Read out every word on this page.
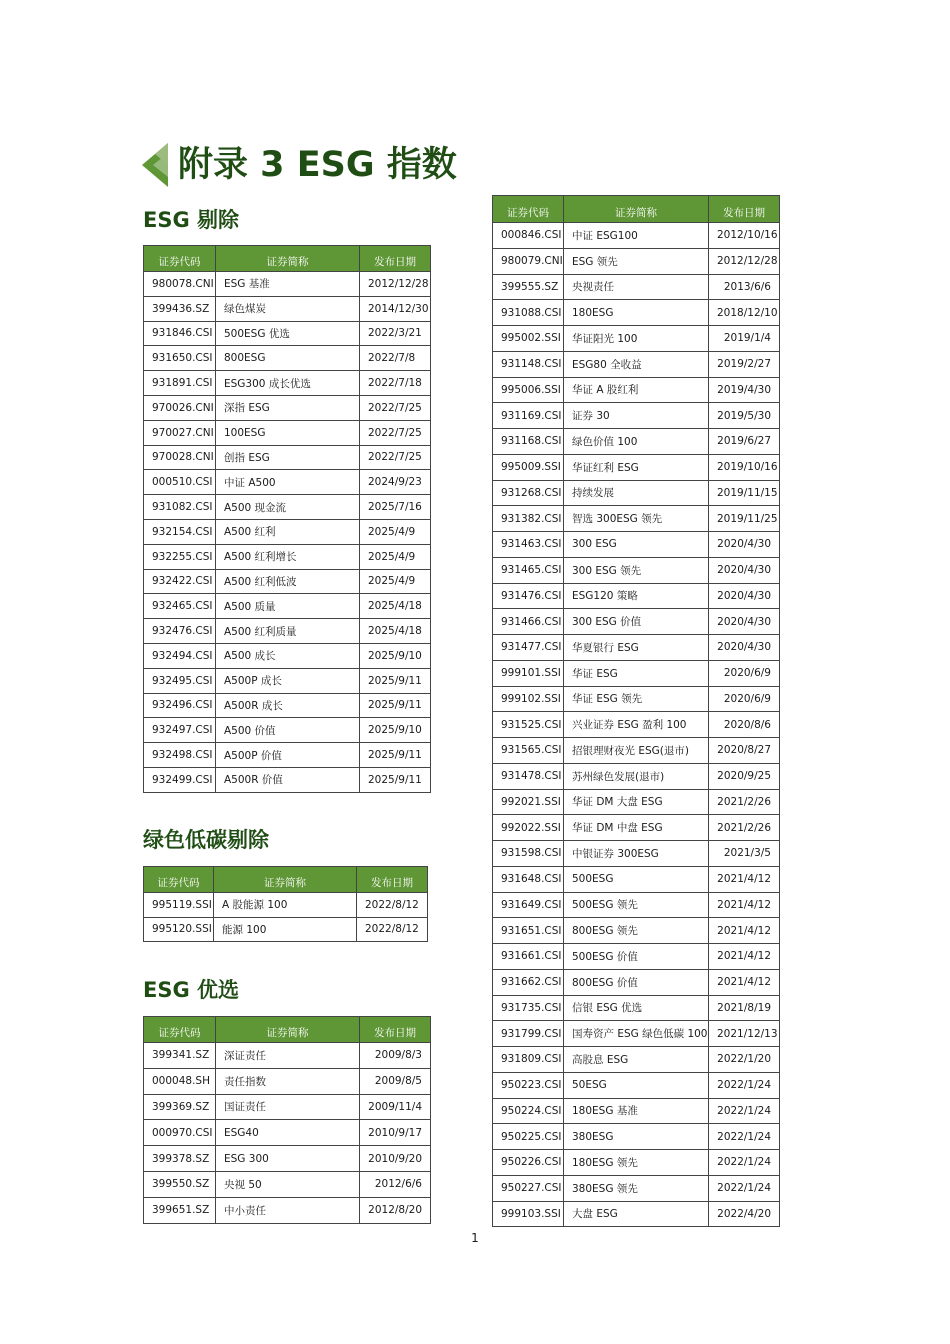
附录 3 ESG 指数
ESG 剔除
绿色低碳剔除
ESG 优选
证券代码	证券简称	发布日期
980078.CNI	ESG 基准	2012/12/28
399436.SZ	绿色煤炭	2014/12/30
931846.CSI	500ESG 优选	2022/3/21
931650.CSI	800ESG	2022/7/8
931891.CSI	ESG300 成长优选	2022/7/18
970026.CNI	深指 ESG	2022/7/25
970027.CNI	100ESG	2022/7/25
970028.CNI	创指 ESG	2022/7/25
000510.CSI	中证 A500	2024/9/23
931082.CSI	A500 现金流	2025/7/16
932154.CSI	A500 红利	2025/4/9
932255.CSI	A500 红利增长	2025/4/9
932422.CSI	A500 红利低波	2025/4/9
932465.CSI	A500 质量	2025/4/18
932476.CSI	A500 红利质量	2025/4/18
932494.CSI	A500 成长	2025/9/10
932495.CSI	A500P 成长	2025/9/11
932496.CSI	A500R 成长	2025/9/11
932497.CSI	A500 价值	2025/9/10
932498.CSI	A500P 价值	2025/9/11
932499.CSI	A500R 价值	2025/9/11
证券代码	证券简称	发布日期
995119.SSI	A 股能源 100	2022/8/12
995120.SSI	能源 100	2022/8/12
证券代码	证券简称	发布日期
399341.SZ	深证责任	2009/8/3
000048.SH	责任指数	2009/8/5
399369.SZ	国证责任	2009/11/4
000970.CSI	ESG40	2010/9/17
399378.SZ	ESG 300	2010/9/20
399550.SZ	央视 50	2012/6/6
399651.SZ	中小责任	2012/8/20
证券代码	证券简称	发布日期
000846.CSI	中证 ESG100	2012/10/16
980079.CNI	ESG 领先	2012/12/28
399555.SZ	央视责任	2013/6/6
931088.CSI	180ESG	2018/12/10
995002.SSI	华证阳光 100	2019/1/4
931148.CSI	ESG80 全收益	2019/2/27
995006.SSI	华证 A 股红利	2019/4/30
931169.CSI	证券 30	2019/5/30
931168.CSI	绿色价值 100	2019/6/27
995009.SSI	华证红利 ESG	2019/10/16
931268.CSI	持续发展	2019/11/15
931382.CSI	智选 300ESG 领先	2019/11/25
931463.CSI	300 ESG	2020/4/30
931465.CSI	300 ESG 领先	2020/4/30
931476.CSI	ESG120 策略	2020/4/30
931466.CSI	300 ESG 价值	2020/4/30
931477.CSI	华夏银行 ESG	2020/4/30
999101.SSI	华证 ESG	2020/6/9
999102.SSI	华证 ESG 领先	2020/6/9
931525.CSI	兴业证券 ESG 盈利 100	2020/8/6
931565.CSI	招银理财夜光 ESG(退市)	2020/8/27
931478.CSI	苏州绿色发展(退市)	2020/9/25
992021.SSI	华证 DM 大盘 ESG	2021/2/26
992022.SSI	华证 DM 中盘 ESG	2021/2/26
931598.CSI	中银证券 300ESG	2021/3/5
931648.CSI	500ESG	2021/4/12
931649.CSI	500ESG 领先	2021/4/12
931651.CSI	800ESG 领先	2021/4/12
931661.CSI	500ESG 价值	2021/4/12
931662.CSI	800ESG 价值	2021/4/12
931735.CSI	信银 ESG 优选	2021/8/19
931799.CSI	国寿资产 ESG 绿色低碳 100	2021/12/13
931809.CSI	高股息 ESG	2022/1/20
950223.CSI	50ESG	2022/1/24
950224.CSI	180ESG 基准	2022/1/24
950225.CSI	380ESG	2022/1/24
950226.CSI	180ESG 领先	2022/1/24
950227.CSI	380ESG 领先	2022/1/24
999103.SSI	大盘 ESG	2022/4/20
1
